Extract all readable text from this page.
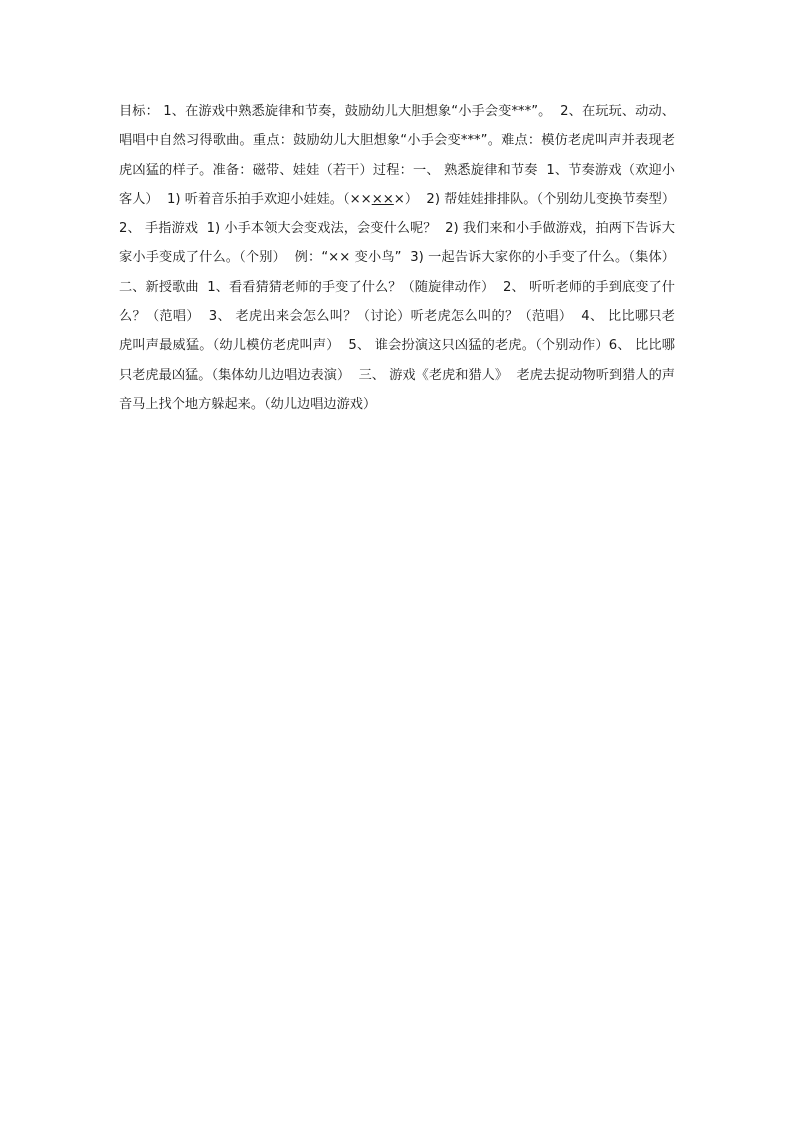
目标： 1、在游戏中熟悉旋律和节奏，鼓励幼儿大胆想象“小手会变***”。  2、在玩玩、动动、唱唱中自然习得歌曲。重点：鼓励幼儿大胆想象“小手会变***”。难点：模仿老虎叫声并表现老虎凶猛的样子。准备：磁带、娃娃（若干）过程：一、 熟悉旋律和节奏  1、节奏游戏（欢迎小客人）  1) 听着音乐拍手欢迎小娃娃。（×××××）  2) 帮娃娃排排队。（个别幼儿变换节奏型）  2、 手指游戏  1) 小手本领大会变戏法，会变什么呢？  2) 我们来和小手做游戏，拍两下告诉大家小手变成了什么。（个别）  例：“×× 变小鸟”  3) 一起告诉大家你的小手变了什么。（集体）  二、新授歌曲  1、看看猜猜老师的手变了什么？（随旋律动作）  2、 听听老师的手到底变了什么？（范唱）  3、 老虎出来会怎么叫？（讨论）听老虎怎么叫的？（范唱）  4、 比比哪只老虎叫声最威猛。（幼儿模仿老虎叫声）  5、 谁会扮演这只凶猛的老虎。（个别动作）6、 比比哪只老虎最凶猛。（集体幼儿边唱边表演）  三、 游戏《老虎和猎人》  老虎去捉动物听到猎人的声音马上找个地方躲起来。（幼儿边唱边游戏）
